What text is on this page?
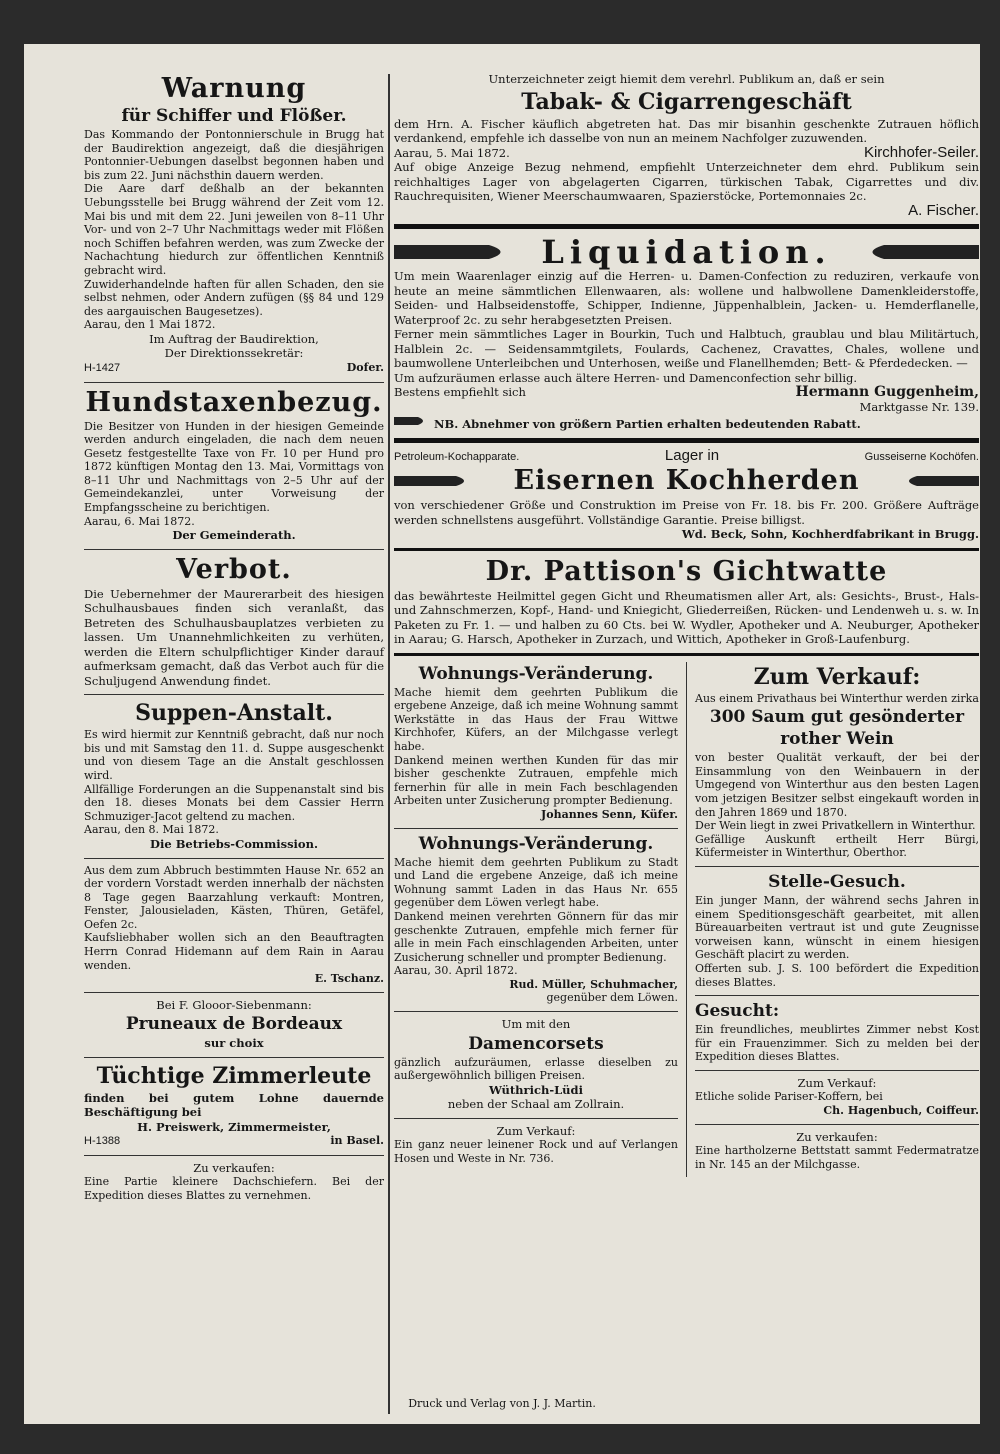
Warnung
für Schiffer und Flößer.

Das Kommando der Pontonnierschule in Brugg hat der Baudirektion angezeigt, daß die diesjährigen Pontonnier-Uebungen daselbst begonnen haben und bis zum 22. Juni nächsthin dauern werden.

Die Aare darf deßhalb an der bekannten Uebungsstelle bei Brugg während der Zeit vom 12. Mai bis und mit dem 22. Juni jeweilen von 8–11 Uhr Vor- und von 2–7 Uhr Nachmittags weder mit Flößen noch Schiffen befahren werden, was zum Zwecke der Nachachtung hiedurch zur öffentlichen Kenntniß gebracht wird.

Zuwiderhandelnde haften für allen Schaden, den sie selbst nehmen, oder Andern zufügen (§§ 84 und 129 des aargauischen Baugesetzes).

Aarau, den 1 Mai 1872.

Im Auftrag der Baudirektion,

Der Direktionssekretär:

H-1427	Dofer.
Hundstaxenbezug.

Die Besitzer von Hunden in der hiesigen Gemeinde werden andurch eingeladen, die nach dem neuen Gesetz festgestellte Taxe von Fr. 10 per Hund pro 1872 künftigen Montag den 13. Mai, Vormittags von 8–11 Uhr und Nachmittags von 2–5 Uhr auf der Gemeindekanzlei, unter Vorweisung der Empfangsscheine zu berichtigen.

Aarau, 6. Mai 1872.

Der Gemeinderath.

Verbot.

Die Uebernehmer der Maurerarbeit des hiesigen Schulhausbaues finden sich veranlaßt, das Betreten des Schulhausbauplatzes verbieten zu lassen. Um Unannehmlichkeiten zu verhüten, werden die Eltern schulpflichtiger Kinder darauf aufmerksam gemacht, daß das Verbot auch für die Schuljugend Anwendung findet.

Suppen-Anstalt.

Es wird hiermit zur Kenntniß gebracht, daß nur noch bis und mit Samstag den 11. d. Suppe ausgeschenkt und von diesem Tage an die Anstalt geschlossen wird.

Allfällige Forderungen an die Suppenanstalt sind bis den 18. dieses Monats bei dem Cassier Herrn Schmuziger-Jacot geltend zu machen.

Aarau, den 8. Mai 1872.

Die Betriebs-Commission.

Aus dem zum Abbruch bestimmten Hause Nr. 652 an der vordern Vorstadt werden innerhalb der nächsten 8 Tage gegen Baarzahlung verkauft: Montren, Fenster, Jalousieladen, Kästen, Thüren, Getäfel, Oefen 2c.

Kaufsliebhaber wollen sich an den Beauftragten Herrn Conrad Hidemann auf dem Rain in Aarau wenden.

E. Tschanz.

Bei F. Glooor-Siebenmann:

Pruneaux de Bordeaux

sur choix

Tüchtige Zimmerleute

finden bei gutem Lohne dauernde Beschäftigung bei

H. Preiswerk, Zimmermeister,

H-1388	in Basel.

Zu verkaufen:

Eine Partie kleinere Dachschiefern. Bei der Expedition dieses Blattes zu vernehmen.

Unterzeichneter zeigt hiemit dem verehrl. Publikum an, daß er sein

Tabak- & Cigarrengeschäft

dem Hrn. A. Fischer käuflich abgetreten hat. Das mir bisanhin geschenkte Zutrauen höflich verdankend, empfehle ich dasselbe von nun an meinem Nachfolger zuzuwenden.

Aarau, 5. Mai 1872.	Kirchhofer-Seiler.

Auf obige Anzeige Bezug nehmend, empfiehlt Unterzeichneter dem ehrd. Publikum sein reichhaltiges Lager von abgelagerten Cigarren, türkischen Tabak, Cigarrettes und div. Rauchrequisiten, Wiener Meerschaumwaaren, Spazierstöcke, Portemonnaies 2c.

A. Fischer.

Liquidation.

Um mein Waarenlager einzig auf die Herren- u. Damen-Confection zu reduziren, verkaufe von heute an meine sämmtlichen Ellenwaaren, als: wollene und halbwollene Damenkleiderstoffe, Seiden- und Halbseidenstoffe, Schipper, Indienne, Jüppenhalblein, Jacken- u. Hemderflanelle, Waterproof 2c. zu sehr herabgesetzten Preisen.

Ferner mein sämmtliches Lager in Bourkin, Tuch und Halbtuch, graublau und blau Militärtuch, Halblein 2c. — Seidensammtgilets, Foulards, Cachenez, Cravattes, Chales, wollene und baumwollene Unterleibchen und Unterhosen, weiße und Flanellhemden; Bett- & Pferdedecken. —

Um aufzuräumen erlasse auch ältere Herren- und Damenconfection sehr billig.

Bestens empfiehlt sich	Hermann Guggenheim,

Marktgasse Nr. 139.

NB. Abnehmer von größern Partien erhalten bedeutenden Rabatt.
Petroleum-Kochapparate.	Lager in	Gusseiserne Kochöfen.
Eisernen Kochherden

von verschiedener Größe und Construktion im Preise von Fr. 18. bis Fr. 200. Größere Aufträge werden schnellstens ausgeführt. Vollständige Garantie. Preise billigst.

Wd. Beck, Sohn, Kochherdfabrikant in Brugg.

Dr. Pattison's Gichtwatte

das bewährteste Heilmittel gegen Gicht und Rheumatismen aller Art, als: Gesichts-, Brust-, Hals- und Zahnschmerzen, Kopf-, Hand- und Kniegicht, Gliederreißen, Rücken- und Lendenweh u. s. w. In Paketen zu Fr. 1. — und halben zu 60 Cts. bei W. Wydler, Apotheker und A. Neuburger, Apotheker in Aarau; G. Harsch, Apotheker in Zurzach, und Wittich, Apotheker in Groß-Laufenburg.

Wohnungs-Veränderung.

Mache hiemit dem geehrten Publikum die ergebene Anzeige, daß ich meine Wohnung sammt Werkstätte in das Haus der Frau Wittwe Kirchhofer, Küfers, an der Milchgasse verlegt habe.

Dankend meinen werthen Kunden für das mir bisher geschenkte Zutrauen, empfehle mich fernerhin für alle in mein Fach beschlagenden Arbeiten unter Zusicherung prompter Bedienung.

Johannes Senn, Küfer.

Wohnungs-Veränderung.

Mache hiemit dem geehrten Publikum zu Stadt und Land die ergebene Anzeige, daß ich meine Wohnung sammt Laden in das Haus Nr. 655 gegenüber dem Löwen verlegt habe.

Dankend meinen verehrten Gönnern für das mir geschenkte Zutrauen, empfehle mich ferner für alle in mein Fach einschlagenden Arbeiten, unter Zusicherung schneller und prompter Bedienung.

Aarau, 30. April 1872.

Rud. Müller, Schuhmacher,

gegenüber dem Löwen.

Um mit den

Damencorsets

gänzlich aufzuräumen, erlasse dieselben zu außergewöhnlich billigen Preisen.

Wüthrich-Lüdi

neben der Schaal am Zollrain.

Zum Verkauf:

Ein ganz neuer leinener Rock und auf Verlangen Hosen und Weste in Nr. 736.

Zum Verkauf:

Aus einem Privathaus bei Winterthur werden zirka

300 Saum gut gesönderter
rother Wein

von bester Qualität verkauft, der bei der Einsammlung von den Weinbauern in der Umgegend von Winterthur aus den besten Lagen vom jetzigen Besitzer selbst eingekauft worden in den Jahren 1869 und 1870.

Der Wein liegt in zwei Privatkellern in Winterthur.

Gefällige Auskunft ertheilt Herr Bürgi, Küfermeister in Winterthur, Oberthor.

Stelle-Gesuch.

Ein junger Mann, der während sechs Jahren in einem Speditionsgeschäft gearbeitet, mit allen Büreauarbeiten vertraut ist und gute Zeugnisse vorweisen kann, wünscht in einem hiesigen Geschäft placirt zu werden.

Offerten sub. J. S. 100 befördert die Expedition dieses Blattes.

Gesucht:

Ein freundliches, meublirtes Zimmer nebst Kost für ein Frauenzimmer. Sich zu melden bei der Expedition dieses Blattes.

Zum Verkauf:

Etliche solide Pariser-Koffern, bei

Ch. Hagenbuch, Coiffeur.

Zu verkaufen:

Eine hartholzerne Bettstatt sammt Federmatratze in Nr. 145 an der Milchgasse.

Druck und Verlag von J. J. Martin.
